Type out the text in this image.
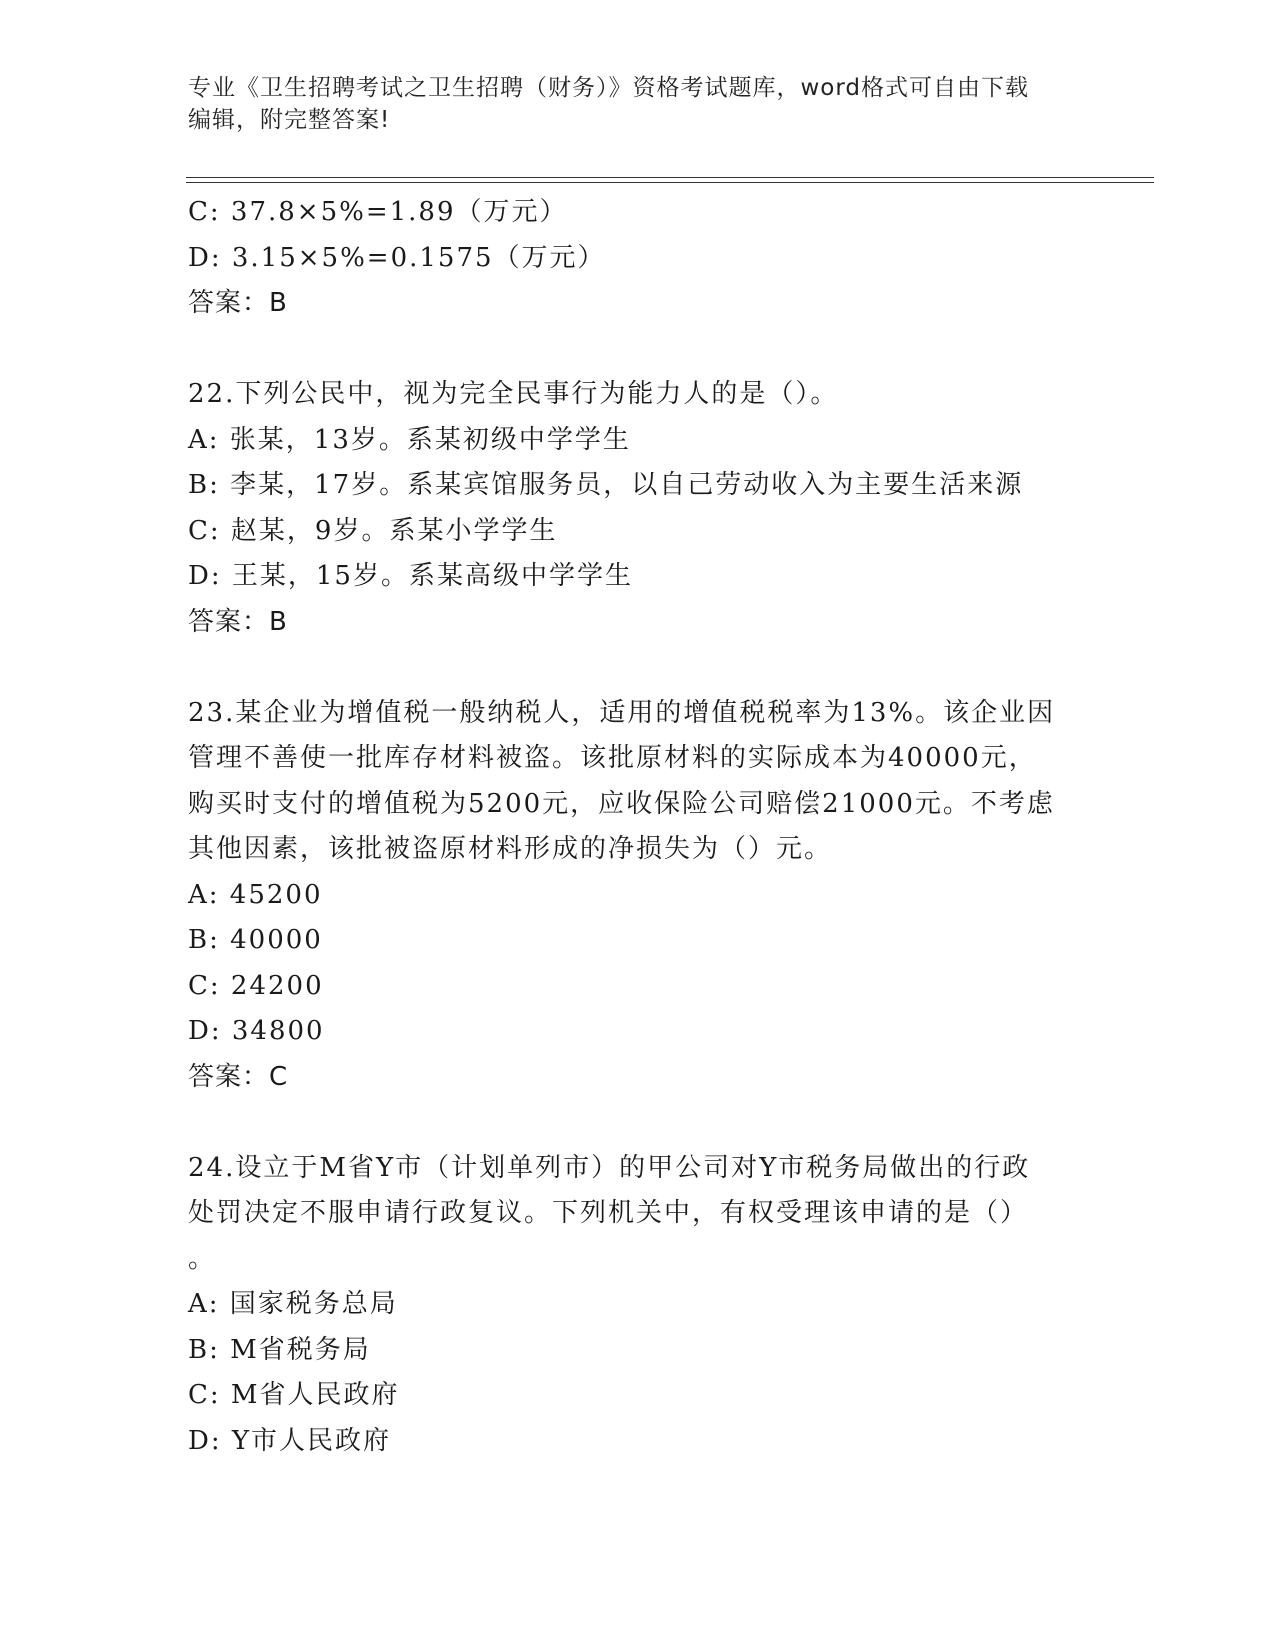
专业《卫生招聘考试之卫生招聘（财务）》资格考试题库，word格式可自由下载
编辑，附完整答案!
C: 37.8×5%=1.89（万元）
D: 3.15×5%=0.1575（万元）
答案：B
22.下列公民中，视为完全民事行为能力人的是（）。
A: 张某，13岁。系某初级中学学生
B: 李某，17岁。系某宾馆服务员，以自己劳动收入为主要生活来源
C: 赵某，9岁。系某小学学生
D: 王某，15岁。系某高级中学学生
答案：B
23.某企业为增值税一般纳税人，适用的增值税税率为13%。该企业因
管理不善使一批库存材料被盗。该批原材料的实际成本为40000元，
购买时支付的增值税为5200元，应收保险公司赔偿21000元。不考虑
其他因素，该批被盗原材料形成的净损失为（）元。
A: 45200
B: 40000
C: 24200
D: 34800
答案：C
24.设立于M省Y市（计划单列市）的甲公司对Y市税务局做出的行政
处罚决定不服申请行政复议。下列机关中，有权受理该申请的是（）
。
A: 国家税务总局
B: M省税务局
C: M省人民政府
D: Y市人民政府
